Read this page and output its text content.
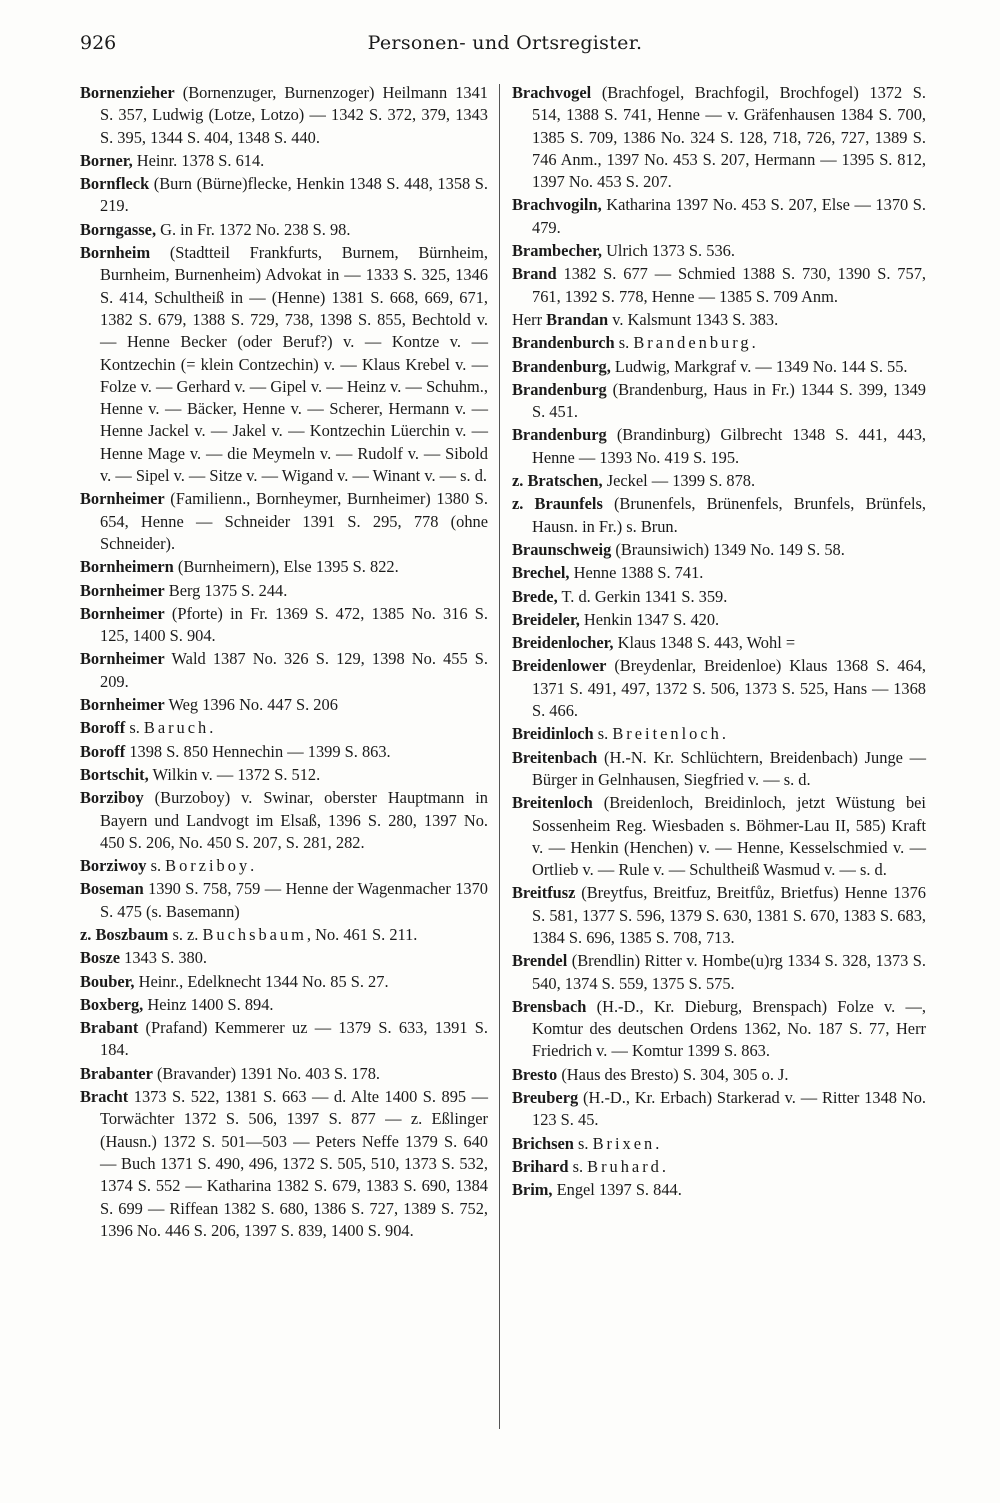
926	Personen- und Ortsregister.

Bornenzieher (Bornenzuger, Burnenzoger) Heilmann 1341 S. 357, Ludwig (Lotze, Lotzo) — 1342 S. 372, 379, 1343 S. 395, 1344 S. 404, 1348 S. 440.

Borner, Heinr. 1378 S. 614.

Bornfleck (Burn (Bürne)flecke, Henkin 1348 S. 448, 1358 S. 219.

Borngasse, G. in Fr. 1372 No. 238 S. 98.

Bornheim (Stadtteil Frankfurts, Burnem, Bürnheim, Burnheim, Burnenheim) Advokat in — 1333 S. 325, 1346 S. 414, Schultheiß in — (Henne) 1381 S. 668, 669, 671, 1382 S. 679, 1388 S. 729, 738, 1398 S. 855, Bechtold v. — Henne Becker (oder Beruf?) v. — Kontze v. — Kontzechin (= klein Contzechin) v. — Klaus Krebel v. — Folze v. — Gerhard v. — Gipel v. — Heinz v. — Schuhm., Henne v. — Bäcker, Henne v. — Scherer, Hermann v. — Henne Jackel v. — Jakel v. — Kontzechin Lüerchin v. — Henne Mage v. — die Meymeln v. — Rudolf v. — Sibold v. — Sipel v. — Sitze v. — Wigand v. — Winant v. — s. d.

Bornheimer (Familienn., Bornheymer, Burnheimer) 1380 S. 654, Henne — Schneider 1391 S. 295, 778 (ohne Schneider).

Bornheimern (Burnheimern), Else 1395 S. 822.

Bornheimer Berg 1375 S. 244.

Bornheimer (Pforte) in Fr. 1369 S. 472, 1385 No. 316 S. 125, 1400 S. 904.

Bornheimer Wald 1387 No. 326 S. 129, 1398 No. 455 S. 209.

Bornheimer Weg 1396 No. 447 S. 206

Boroff s. Baruch.

Boroff 1398 S. 850 Hennechin — 1399 S. 863.

Bortschit, Wilkin v. — 1372 S. 512.

Borziboy (Burzoboy) v. Swinar, oberster Hauptmann in Bayern und Landvogt im Elsaß, 1396 S. 280, 1397 No. 450 S. 206, No. 450 S. 207, S. 281, 282.

Borziwoy s. Borziboy.

Boseman 1390 S. 758, 759 — Henne der Wagenmacher 1370 S. 475 (s. Basemann)

z. Boszbaum s. z. Buchsbaum, No. 461 S. 211.

Bosze 1343 S. 380.

Bouber, Heinr., Edelknecht 1344 No. 85 S. 27.

Boxberg, Heinz 1400 S. 894.

Brabant (Prafand) Kemmerer uz — 1379 S. 633, 1391 S. 184.

Brabanter (Bravander) 1391 No. 403 S. 178.

Bracht 1373 S. 522, 1381 S. 663 — d. Alte 1400 S. 895 — Torwächter 1372 S. 506, 1397 S. 877 — z. Eßlinger (Hausn.) 1372 S. 501—503 — Peters Neffe 1379 S. 640 — Buch 1371 S. 490, 496, 1372 S. 505, 510, 1373 S. 532, 1374 S. 552 — Katharina 1382 S. 679, 1383 S. 690, 1384 S. 699 — Riffean 1382 S. 680, 1386 S. 727, 1389 S. 752, 1396 No. 446 S. 206, 1397 S. 839, 1400 S. 904.

Brachvogel (Brachfogel, Brachfogil, Brochfogel) 1372 S. 514, 1388 S. 741, Henne — v. Gräfenhausen 1384 S. 700, 1385 S. 709, 1386 No. 324 S. 128, 718, 726, 727, 1389 S. 746 Anm., 1397 No. 453 S. 207, Hermann — 1395 S. 812, 1397 No. 453 S. 207.

Brachvogiln, Katharina 1397 No. 453 S. 207, Else — 1370 S. 479.

Brambecher, Ulrich 1373 S. 536.

Brand 1382 S. 677 — Schmied 1388 S. 730, 1390 S. 757, 761, 1392 S. 778, Henne — 1385 S. 709 Anm.

Herr Brandan v. Kalsmunt 1343 S. 383.

Brandenburch s. Brandenburg.

Brandenburg, Ludwig, Markgraf v. — 1349 No. 144 S. 55.

Brandenburg (Brandenburg, Haus in Fr.) 1344 S. 399, 1349 S. 451.

Brandenburg (Brandinburg) Gilbrecht 1348 S. 441, 443, Henne — 1393 No. 419 S. 195.

z. Bratschen, Jeckel — 1399 S. 878.

z. Braunfels (Brunenfels, Brünenfels, Brunfels, Brünfels, Hausn. in Fr.) s. Brun.

Braunschweig (Braunsiwich) 1349 No. 149 S. 58.

Brechel, Henne 1388 S. 741.

Brede, T. d. Gerkin 1341 S. 359.

Breideler, Henkin 1347 S. 420.

Breidenlocher, Klaus 1348 S. 443, Wohl =

Breidenlower (Breydenlar, Breidenloe) Klaus 1368 S. 464, 1371 S. 491, 497, 1372 S. 506, 1373 S. 525, Hans — 1368 S. 466.

Breidinloch s. Breitenloch.

Breitenbach (H.-N. Kr. Schlüchtern, Breidenbach) Junge — Bürger in Gelnhausen, Siegfried v. — s. d.

Breitenloch (Breidenloch, Breidinloch, jetzt Wüstung bei Sossenheim Reg. Wiesbaden s. Böhmer-Lau II, 585) Kraft v. — Henkin (Henchen) v. — Henne, Kesselschmied v. — Ortlieb v. — Rule v. — Schultheiß Wasmud v. — s. d.

Breitfusz (Breytfus, Breitfuz, Breitfůz, Brietfus) Henne 1376 S. 581, 1377 S. 596, 1379 S. 630, 1381 S. 670, 1383 S. 683, 1384 S. 696, 1385 S. 708, 713.

Brendel (Brendlin) Ritter v. Hombe(u)rg 1334 S. 328, 1373 S. 540, 1374 S. 559, 1375 S. 575.

Brensbach (H.-D., Kr. Dieburg, Brenspach) Folze v. —, Komtur des deutschen Ordens 1362, No. 187 S. 77, Herr Friedrich v. — Komtur 1399 S. 863.

Bresto (Haus des Bresto) S. 304, 305 o. J.

Breuberg (H.-D., Kr. Erbach) Starkerad v. — Ritter 1348 No. 123 S. 45.

Brichsen s. Brixen.

Brihard s. Bruhard.

Brim, Engel 1397 S. 844.
